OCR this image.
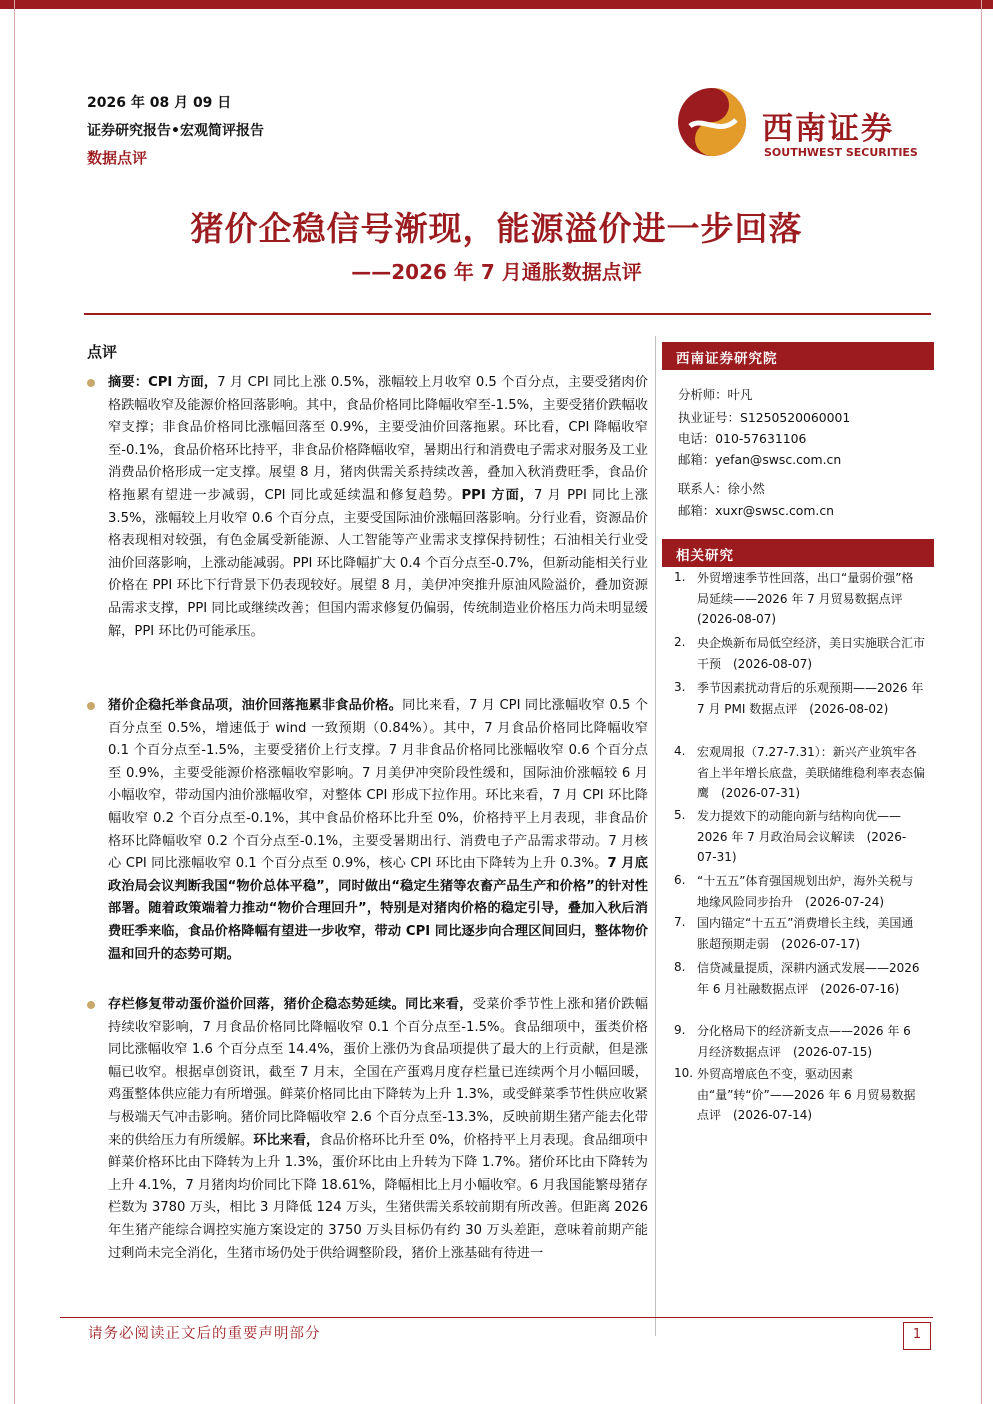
2026 年 08 月 09 日
证券研究报告•宏观简评报告
数据点评
西南证券
SOUTHWEST SECURITIES
猪价企稳信号渐现，能源溢价进一步回落
——2026 年 7 月通胀数据点评
点评
摘要：CPI 方面，7 月 CPI 同比上涨 0.5%，涨幅较上月收窄 0.5 个百分点，主要受猪肉价格跌幅收窄及能源价格回落影响。其中，食品价格同比降幅收窄至-1.5%，主要受猪价跌幅收窄支撑；非食品价格同比涨幅回落至 0.9%，主要受油价回落拖累。环比看，CPI 降幅收窄至-0.1%，食品价格环比持平，非食品价格降幅收窄，暑期出行和消费电子需求对服务及工业消费品价格形成一定支撑。展望 8 月，猪肉供需关系持续改善，叠加入秋消费旺季，食品价格拖累有望进一步减弱，CPI 同比或延续温和修复趋势。PPI 方面，7 月 PPI 同比上涨 3.5%，涨幅较上月收窄 0.6 个百分点，主要受国际油价涨幅回落影响。分行业看，资源品价格表现相对较强，有色金属受新能源、人工智能等产业需求支撑保持韧性；石油相关行业受油价回落影响，上涨动能减弱。PPI 环比降幅扩大 0.4 个百分点至-0.7%，但新动能相关行业价格在 PPI 环比下行背景下仍表现较好。展望 8 月，美伊冲突推升原油风险溢价，叠加资源品需求支撑，PPI 同比或继续改善；但国内需求修复仍偏弱，传统制造业价格压力尚未明显缓解，PPI 环比仍可能承压。
猪价企稳托举食品项，油价回落拖累非食品价格。同比来看，7 月 CPI 同比涨幅收窄 0.5 个百分点至 0.5%，增速低于 wind 一致预期（0.84%）。其中，7 月食品价格同比降幅收窄 0.1 个百分点至-1.5%，主要受猪价上行支撑。7 月非食品价格同比涨幅收窄 0.6 个百分点至 0.9%，主要受能源价格涨幅收窄影响。7 月美伊冲突阶段性缓和，国际油价涨幅较 6 月小幅收窄，带动国内油价涨幅收窄，对整体 CPI 形成下拉作用。环比来看，7 月 CPI 环比降幅收窄 0.2 个百分点至-0.1%，其中食品价格环比升至 0%，价格持平上月表现，非食品价格环比降幅收窄 0.2 个百分点至-0.1%，主要受暑期出行、消费电子产品需求带动。7 月核心 CPI 同比涨幅收窄 0.1 个百分点至 0.9%，核心 CPI 环比由下降转为上升 0.3%。7 月底政治局会议判断我国“物价总体平稳”，同时做出“稳定生猪等农畜产品生产和价格”的针对性部署。随着政策端着力推动“物价合理回升”，特别是对猪肉价格的稳定引导，叠加入秋后消费旺季来临，食品价格降幅有望进一步收窄，带动 CPI 同比逐步向合理区间回归，整体物价温和回升的态势可期。
存栏修复带动蛋价溢价回落，猪价企稳态势延续。同比来看，受菜价季节性上涨和猪价跌幅持续收窄影响，7 月食品价格同比降幅收窄 0.1 个百分点至-1.5%。食品细项中，蛋类价格同比涨幅收窄 1.6 个百分点至 14.4%，蛋价上涨仍为食品项提供了最大的上行贡献，但是涨幅已收窄。根据卓创资讯，截至 7 月末，全国在产蛋鸡月度存栏量已连续两个月小幅回暖，鸡蛋整体供应能力有所增强。鲜菜价格同比由下降转为上升 1.3%，或受鲜菜季节性供应收紧与极端天气冲击影响。猪价同比降幅收窄 2.6 个百分点至-13.3%，反映前期生猪产能去化带来的供给压力有所缓解。环比来看，食品价格环比升至 0%，价格持平上月表现。食品细项中鲜菜价格环比由下降转为上升 1.3%，蛋价环比由上升转为下降 1.7%。猪价环比由下降转为上升 4.1%，7 月猪肉均价同比下降 18.61%，降幅相比上月小幅收窄。6 月我国能繁母猪存栏数为 3780 万头，相比 3 月降低 124 万头，生猪供需关系较前期有所改善。但距离 2026 年生猪产能综合调控实施方案设定的 3750 万头目标仍有约 30 万头差距，意味着前期产能过剩尚未完全消化，生猪市场仍处于供给调整阶段，猪价上涨基础有待进一
西南证券研究院
分析师：叶凡
执业证号：S1250520060001
电话：010-57631106
邮箱：yefan@swsc.com.cn
联系人：徐小然
邮箱：xuxr@swsc.com.cn
相关研究
1. 外贸增速季节性回落，出口“量弱价强”格局延续——2026 年 7 月贸易数据点评　(2026-08-07)
2. 央企焕新布局低空经济，美日实施联合汇市干预　(2026-08-07)
3. 季节因素扰动背后的乐观预期——2026 年 7 月 PMI 数据点评　(2026-08-02)
4. 宏观周报（7.27-7.31）：新兴产业筑牢各省上半年增长底盘，美联储维稳利率表态偏鹰　(2026-07-31)
5. 发力提效下的动能向新与结构向优——2026 年 7 月政治局会议解读　(2026-07-31)
6. “十五五”体育强国规划出炉，海外关税与地缘风险同步抬升　(2026-07-24)
7. 国内锚定“十五五”消费增长主线，美国通胀超预期走弱　(2026-07-17)
8. 信贷减量提质，深耕内涵式发展——2026 年 6 月社融数据点评　(2026-07-16)
9. 分化格局下的经济新支点——2026 年 6 月经济数据点评　(2026-07-15)
10. 外贸高增底色不变，驱动因素由“量”转“价”——2026 年 6 月贸易数据点评　(2026-07-14)
请务必阅读正文后的重要声明部分	1
